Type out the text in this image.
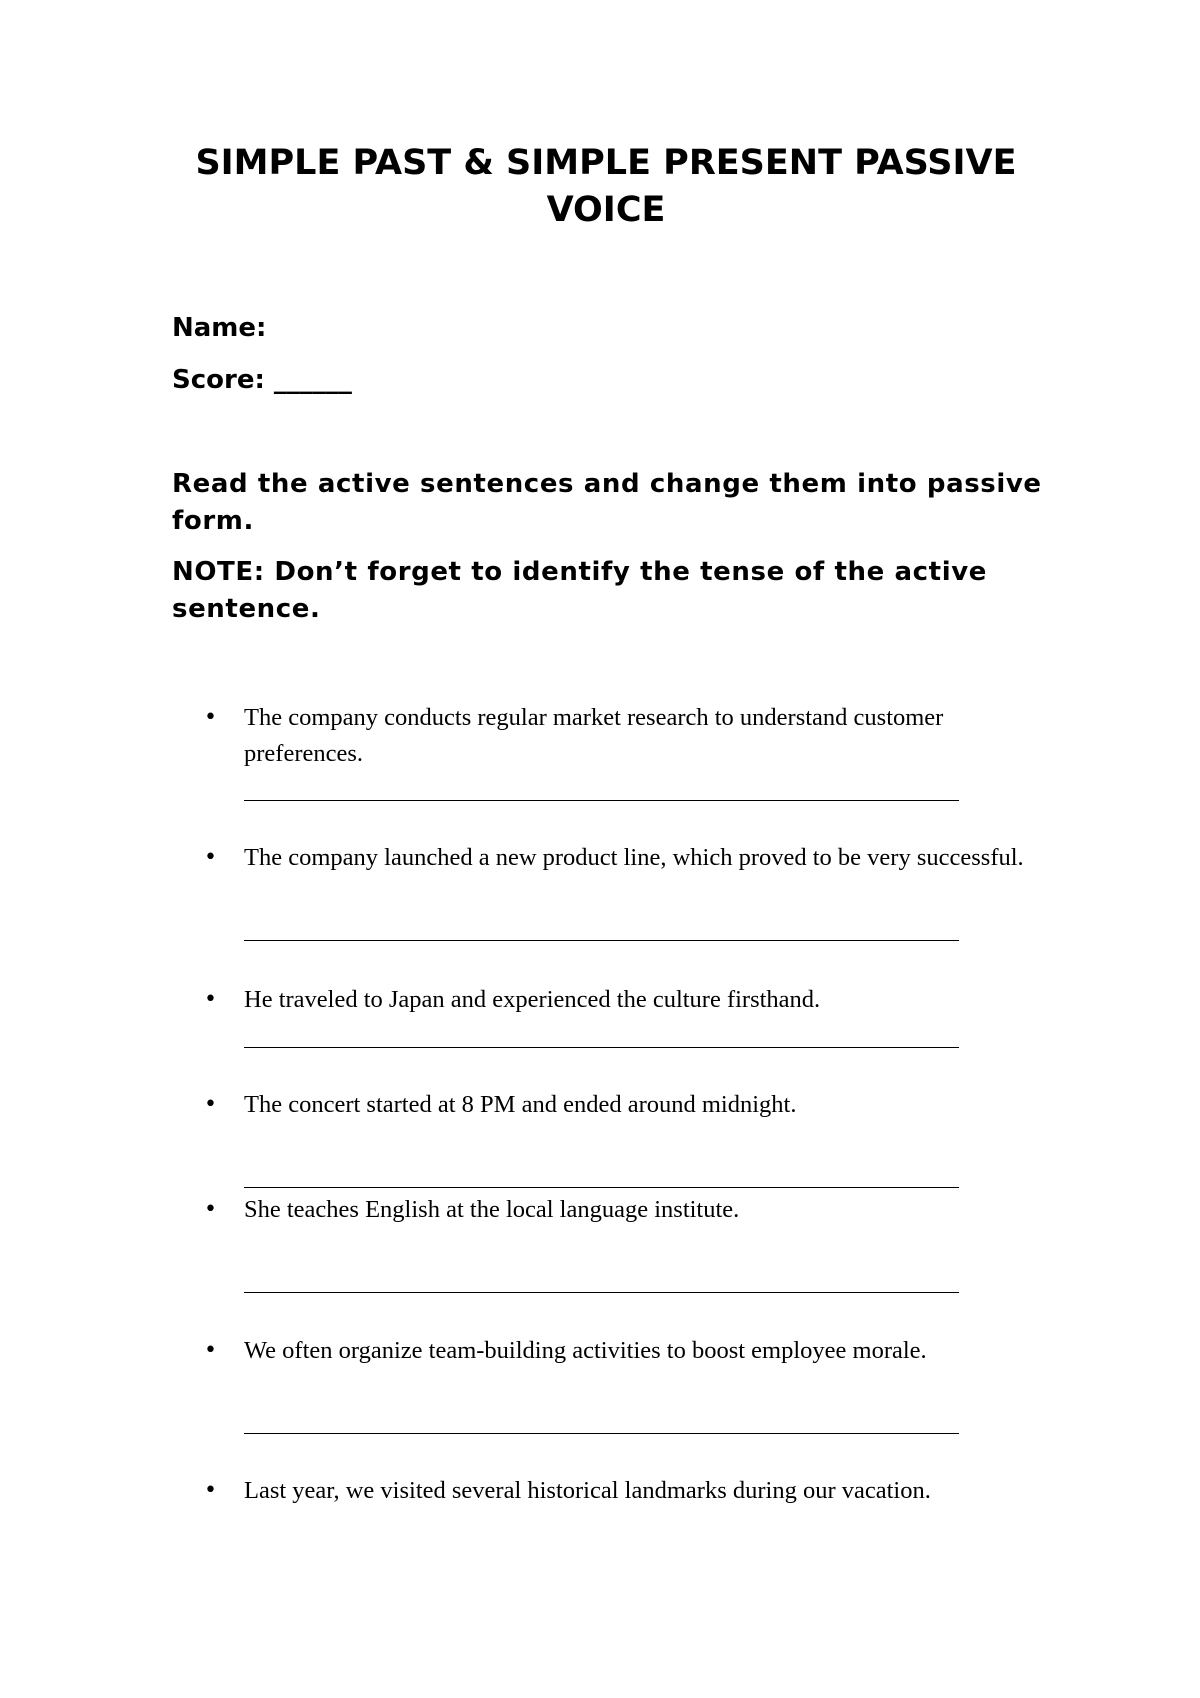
SIMPLE PAST & SIMPLE PRESENT PASSIVE VOICE

Name:

Score: ______

Read the active sentences and change them into passive form.

NOTE: Don’t forget to identify the tense of the active sentence.

•	The company conducts regular market research to understand customer preferences.

•	The company launched a new product line, which proved to be very successful.

•	He traveled to Japan and experienced the culture firsthand.

•	The concert started at 8 PM and ended around midnight.

•	She teaches English at the local language institute.

•	We often organize team-building activities to boost employee morale.

•	Last year, we visited several historical landmarks during our vacation.
